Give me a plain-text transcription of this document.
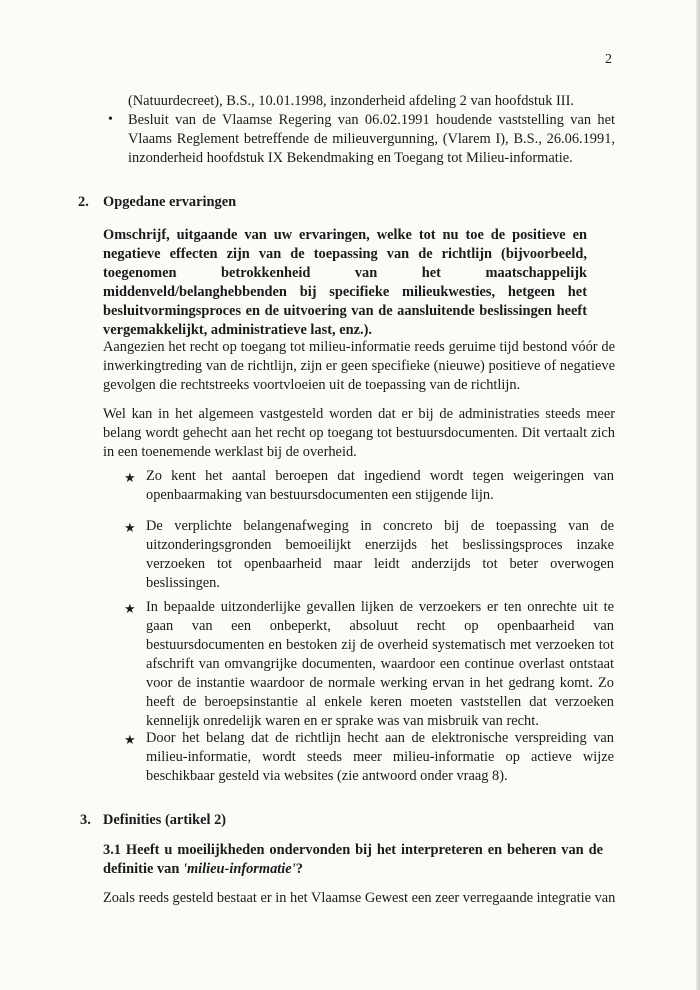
2
(Natuurdecreet), B.S., 10.01.1998, inzonderheid afdeling 2 van hoofdstuk III.
• Besluit van de Vlaamse Regering van 06.02.1991 houdende vaststelling van het Vlaams Reglement betreffende de milieuvergunning, (Vlarem I), B.S., 26.06.1991, inzonderheid hoofdstuk IX Bekendmaking en Toegang tot Milieu-informatie.
2. Opgedane ervaringen
Omschrijf, uitgaande van uw ervaringen, welke tot nu toe de positieve en negatieve effecten zijn van de toepassing van de richtlijn (bijvoorbeeld, toegenomen betrokkenheid van het maatschappelijk middenveld/belanghebbenden bij specifieke milieukwesties, hetgeen het besluitvormingsproces en de uitvoering van de aansluitende beslissingen heeft vergemakkelijkt, administratieve last, enz.).
Aangezien het recht op toegang tot milieu-informatie reeds geruime tijd bestond vóór de inwerkingtreding van de richtlijn, zijn er geen specifieke (nieuwe) positieve of negatieve gevolgen die rechtstreeks voortvloeien uit de toepassing van de richtlijn.
Wel kan in het algemeen vastgesteld worden dat er bij de administraties steeds meer belang wordt gehecht aan het recht op toegang tot bestuursdocumenten. Dit vertaalt zich in een toenemende werklast bij de overheid.
★ Zo kent het aantal beroepen dat ingediend wordt tegen weigeringen van openbaarmaking van bestuursdocumenten een stijgende lijn.
★ De verplichte belangenafweging in concreto bij de toepassing van de uitzonderingsgronden bemoeilijkt enerzijds het beslissingsproces inzake verzoeken tot openbaarheid maar leidt anderzijds tot beter overwogen beslissingen.
★ In bepaalde uitzonderlijke gevallen lijken de verzoekers er ten onrechte uit te gaan van een onbeperkt, absoluut recht op openbaarheid van bestuursdocumenten en bestoken zij de overheid systematisch met verzoeken tot afschrift van omvangrijke documenten, waardoor een continue overlast ontstaat voor de instantie waardoor de normale werking ervan in het gedrang komt. Zo heeft de beroepsinstantie al enkele keren moeten vaststellen dat verzoeken kennelijk onredelijk waren en er sprake was van misbruik van recht.
★ Door het belang dat de richtlijn hecht aan de elektronische verspreiding van milieu-informatie, wordt steeds meer milieu-informatie op actieve wijze beschikbaar gesteld via websites (zie antwoord onder vraag 8).
3. Definities (artikel 2)
3.1 Heeft u moeilijkheden ondervonden bij het interpreteren en beheren van de definitie van 'milieu-informatie'?
Zoals reeds gesteld bestaat er in het Vlaamse Gewest een zeer verregaande integratie van
